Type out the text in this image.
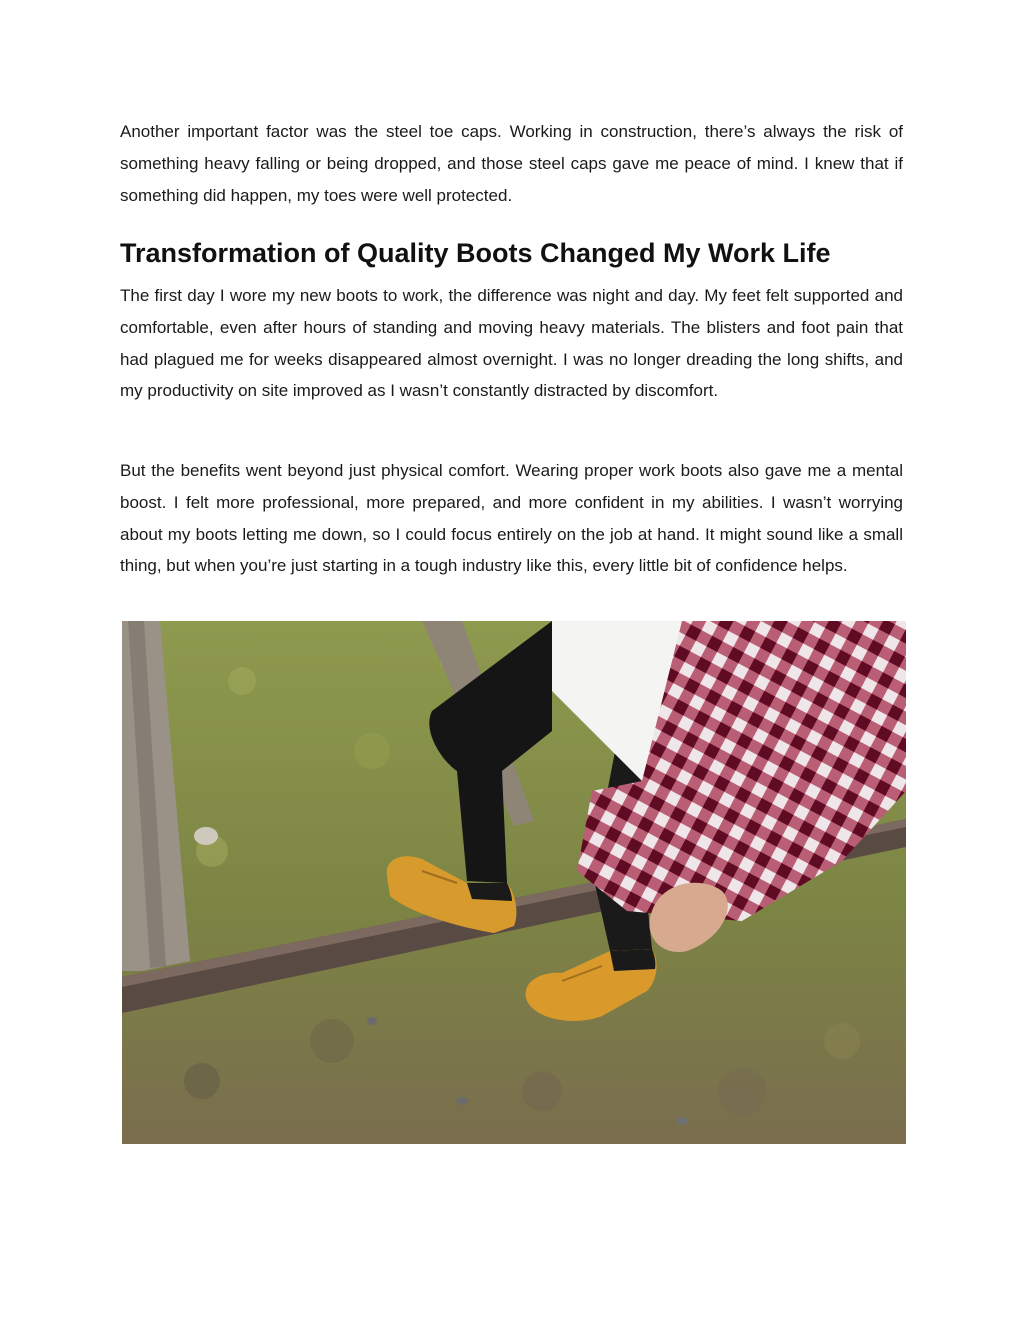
Another important factor was the steel toe caps. Working in construction, there’s always the risk of something heavy falling or being dropped, and those steel caps gave me peace of mind. I knew that if something did happen, my toes were well protected.

Transformation of Quality Boots Changed My Work Life

The first day I wore my new boots to work, the difference was night and day. My feet felt supported and comfortable, even after hours of standing and moving heavy materials. The blisters and foot pain that had plagued me for weeks disappeared almost overnight. I was no longer dreading the long shifts, and my productivity on site improved as I wasn’t constantly distracted by discomfort.

But the benefits went beyond just physical comfort. Wearing proper work boots also gave me a mental boost. I felt more professional, more prepared, and more confident in my abilities. I wasn’t worrying about my boots letting me down, so I could focus entirely on the job at hand. It might sound like a small thing, but when you’re just starting in a tough industry like this, every little bit of confidence helps.
